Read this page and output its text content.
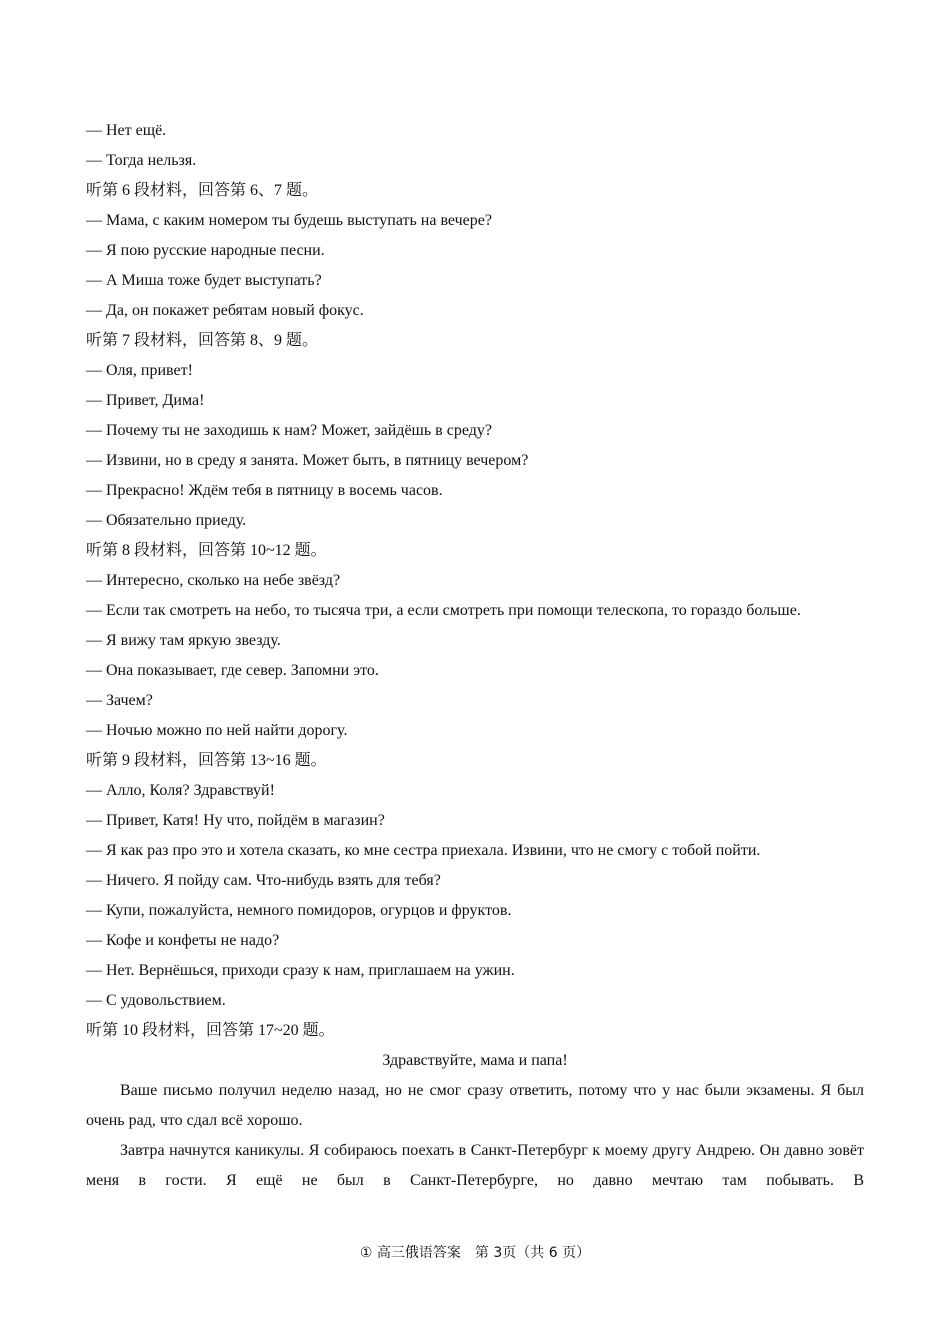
— Нет ещё.
— Тогда нельзя.
听第 6 段材料，回答第 6、7 题。
— Мама, с каким номером ты будешь выступать на вечере?
— Я пою русские народные песни.
— А Миша тоже будет выступать?
— Да, он покажет ребятам новый фокус.
听第 7 段材料，回答第 8、9 题。
— Оля, привет!
— Привет, Дима!
— Почему ты не заходишь к нам? Может, зайдёшь в среду?
— Извини, но в среду я занята. Может быть, в пятницу вечером?
— Прекрасно! Ждём тебя в пятницу в восемь часов.
— Обязательно приеду.
听第 8 段材料，回答第 10~12 题。
— Интересно, сколько на небе звёзд?
— Если так смотреть на небо, то тысяча три, а если смотреть при помощи телескопа, то гораздо больше.
— Я вижу там яркую звезду.
— Она показывает, где север. Запомни это.
— Зачем?
— Ночью можно по ней найти дорогу.
听第 9 段材料，回答第 13~16 题。
— Алло, Коля? Здравствуй!
— Привет, Катя! Ну что, пойдём в магазин?
— Я как раз про это и хотела сказать, ко мне сестра приехала. Извини, что не смогу с тобой пойти.
— Ничего. Я пойду сам. Что-нибудь взять для тебя?
— Купи, пожалуйста, немного помидоров, огурцов и фруктов.
— Кофе и конфеты не надо?
— Нет. Вернёшься, приходи сразу к нам, приглашаем на ужин.
— С удовольствием.
听第 10 段材料，回答第 17~20 题。
Здравствуйте, мама и папа!
Ваше письмо получил неделю назад, но не смог сразу ответить, потому что у нас были экзамены. Я был очень рад, что сдал всё хорошо.
Завтра начнутся каникулы. Я собираюсь поехать в Санкт-Петербург к моему другу Андрею. Он давно зовёт меня в гости. Я ещё не был в Санкт-Петербурге, но давно мечтаю там побывать. В
① 高三俄语答案　第 3页（共 6 页）
